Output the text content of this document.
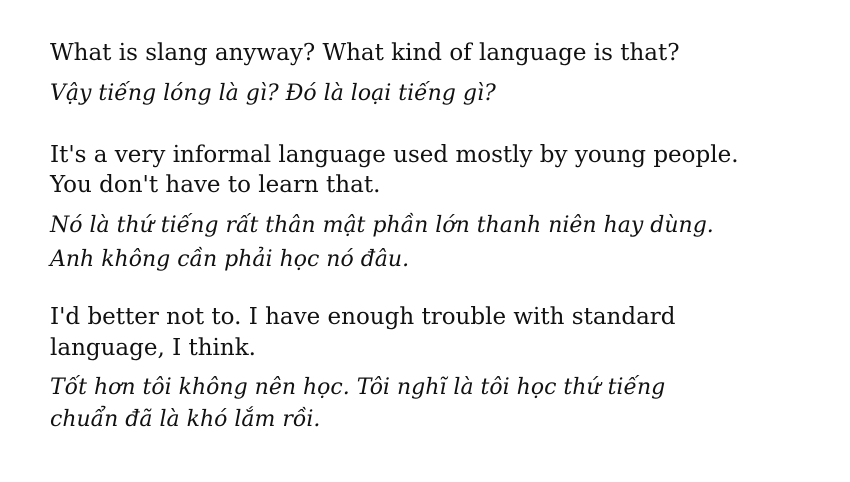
What is slang anyway? What kind of language is that?

Vậy tiếng lóng là gì? Đó là loại tiếng gì?

It's a very informal language used mostly by young people.

You don't have to learn that.

Nó là thứ tiếng rất thân mật phần lớn thanh niên hay dùng.

Anh không cần phải học nó đâu.

I'd better not to. I have enough trouble with standard

language, I think.

Tốt hơn tôi không nên học. Tôi nghĩ là tôi học thứ tiếng

chuẩn đã là khó lắm rồi.
